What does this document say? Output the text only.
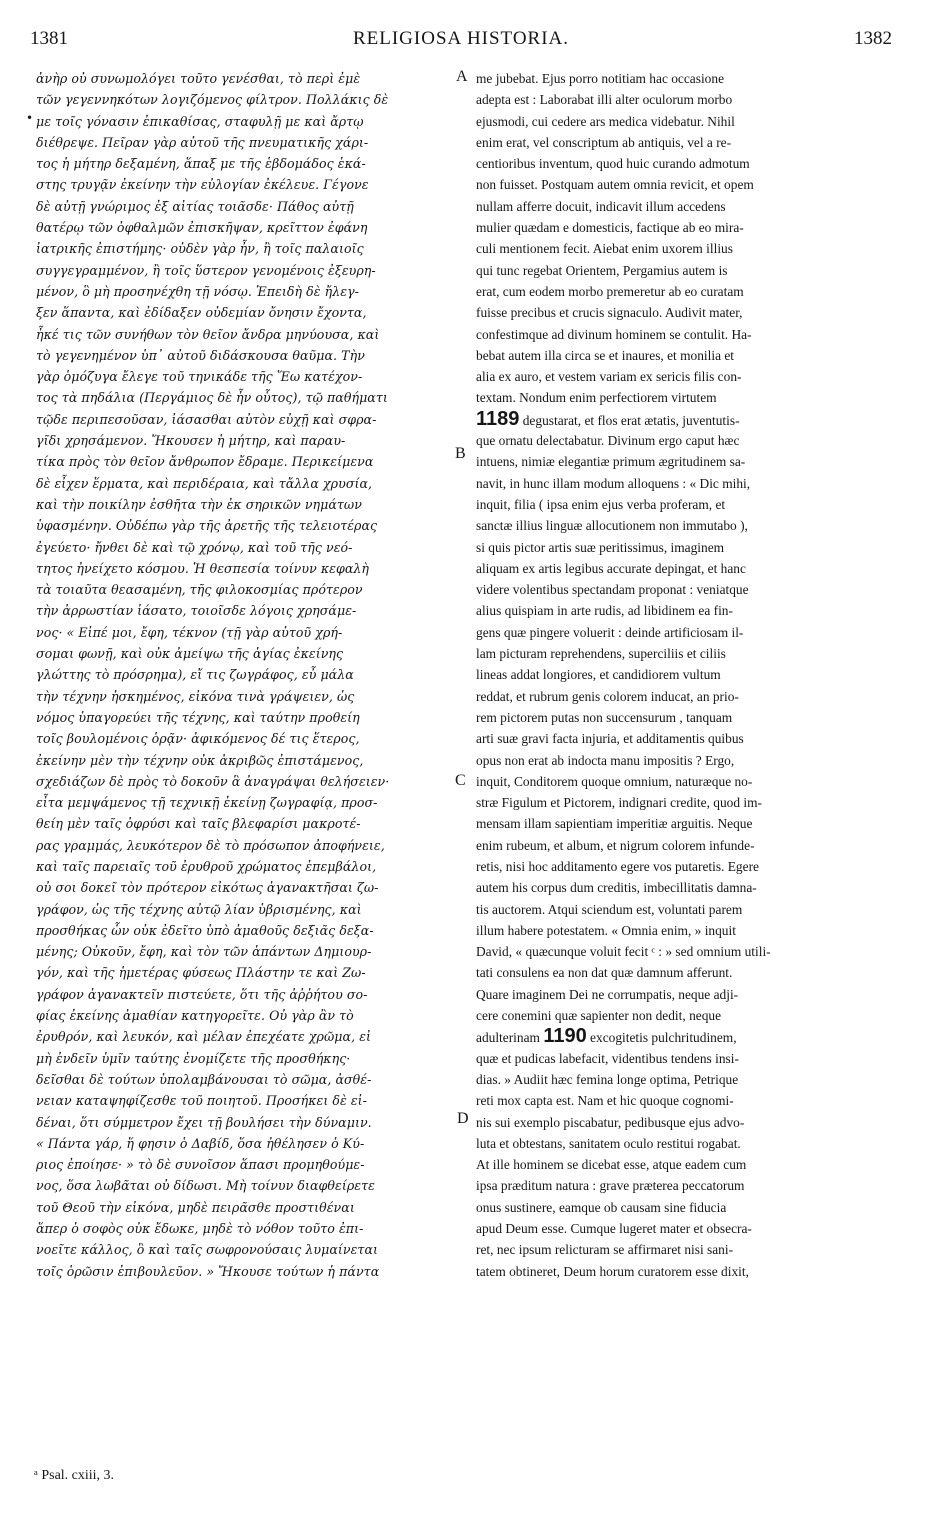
1381	RELIGIOSA HISTORIA.	1382
•
ἀνὴρ οὐ συνωμολόγει τοῦτο γενέσθαι, τὸ περὶ ἐμὲ
τῶν γεγεννηκότων λογιζόμενος φίλτρον. Πολλάκις δὲ
με τοῖς γόνασιν ἐπικαθίσας, σταφυλῇ με καὶ ἄρτῳ
διέθρεψε. Πεῖραν γὰρ αὐτοῦ τῆς πνευματικῆς χάρι-
τος ἡ μήτηρ δεξαμένη, ἅπαξ με τῆς ἑβδομάδος ἑκά-
στης τρυγᾷν ἐκείνην τὴν εὐλογίαν ἐκέλευε. Γέγονε
δὲ αὐτῇ γνώριμος ἐξ αἰτίας τοιᾶσδε· Πάθος αὐτῇ
θατέρῳ τῶν ὀφθαλμῶν ἐπισκῆψαν, κρεῖττον ἐφάνη
ἰατρικῆς ἐπιστήμης· οὐδὲν γὰρ ἦν, ἢ τοῖς παλαιοῖς
συγγεγραμμένον, ἢ τοῖς ὕστερον γενομένοις ἐξευρη-
μένον, ὃ μὴ προσηνέχθη τῇ νόσῳ. Ἐπειδὴ δὲ ἤλεγ-
ξεν ἅπαντα, καὶ ἐδίδαξεν οὐδεμίαν ὄνησιν ἔχοντα,
ἧκέ τις τῶν συνήθων τὸν θεῖον ἄνδρα μηνύουσα, καὶ
τὸ γεγενημένον ὑπ᾽ αὐτοῦ διδάσκουσα θαῦμα. Τὴν
γὰρ ὁμόζυγα ἔλεγε τοῦ τηνικάδε τῆς Ἕω κατέχον-
τος τὰ πηδάλια (Περγάμιος δὲ ἦν οὗτος), τῷ παθήματι
τῷδε περιπεσοῦσαν, ἰάσασθαι αὐτὸν εὐχῇ καὶ σφρα-
γῖδι χρησάμενον. Ἤκουσεν ἡ μήτηρ, καὶ παραυ-
τίκα πρὸς τὸν θεῖον ἄνθρωπον ἔδραμε. Περικείμενα
δὲ εἶχεν ἕρματα, καὶ περιδέραια, καὶ τἄλλα χρυσία,
καὶ τὴν ποικίλην ἐσθῆτα τὴν ἐκ σηρικῶν νημάτων
ὑφασμένην. Οὐδέπω γὰρ τῆς ἀρετῆς τῆς τελειοτέρας
ἐγεύετο· ἤνθει δὲ καὶ τῷ χρόνῳ, καὶ τοῦ τῆς νεό-
τητος ἠνείχετο κόσμου. Ἡ θεσπεσία τοίνυν κεφαλὴ
τὰ τοιαῦτα θεασαμένη, τῆς φιλοκοσμίας πρότερον
τὴν ἀρρωστίαν ἰάσατο, τοιοῖσδε λόγοις χρησάμε-
νος· « Εἰπέ μοι, ἔφη, τέκνον (τῇ γὰρ αὐτοῦ χρή-
σομαι φωνῇ, καὶ οὐκ ἀμείψω τῆς ἁγίας ἐκείνης
γλώττης τὸ πρόσρημα), εἴ τις ζωγράφος, εὖ μάλα
τὴν τέχνην ἠσκημένος, εἰκόνα τινὰ γράψειεν, ὡς
νόμος ὑπαγορεύει τῆς τέχνης, καὶ ταύτην προθείη
τοῖς βουλομένοις ὁρᾷν· ἀφικόμενος δέ τις ἕτερος,
ἐκείνην μὲν τὴν τέχνην οὐκ ἀκριβῶς ἐπιστάμενος,
σχεδιάζων δὲ πρὸς τὸ δοκοῦν ἃ ἀναγράψαι θελήσειεν·
εἶτα μεμψάμενος τῇ τεχνικῇ ἐκείνῃ ζωγραφίᾳ, προσ-
θείη μὲν ταῖς ὀφρύσι καὶ ταῖς βλεφαρίσι μακροτέ-
ρας γραμμάς, λευκότερον δὲ τὸ πρόσωπον ἀποφήνειε,
καὶ ταῖς παρειαῖς τοῦ ἐρυθροῦ χρώματος ἐπεμβάλοι,
οὐ σοι δοκεῖ τὸν πρότερον εἰκότως ἀγανακτῆσαι ζω-
γράφον, ὡς τῆς τέχνης αὐτῷ λίαν ὑβρισμένης, καὶ
προσθήκας ὧν οὐκ ἐδεῖτο ὑπὸ ἀμαθοῦς δεξιᾶς δεξα-
μένης; Οὐκοῦν, ἔφη, καὶ τὸν τῶν ἁπάντων Δημιουρ-
γόν, καὶ τῆς ἡμετέρας φύσεως Πλάστην τε καὶ Ζω-
γράφον ἀγανακτεῖν πιστεύετε, ὅτι τῆς ἀῤῥήτου σο-
φίας ἐκείνης ἀμαθίαν κατηγορεῖτε. Οὐ γὰρ ἂν τὸ
ἐρυθρόν, καὶ λευκόν, καὶ μέλαν ἐπεχέατε χρῶμα, εἰ
μὴ ἐνδεῖν ὑμῖν ταύτης ἐνομίζετε τῆς προσθήκης·
δεῖσθαι δὲ τούτων ὑπολαμβάνουσαι τὸ σῶμα, ἀσθέ-
νειαν καταψηφίζεσθε τοῦ ποιητοῦ. Προσήκει δὲ εἰ-
δέναι, ὅτι σύμμετρον ἔχει τῇ βουλήσει τὴν δύναμιν.
« Πάντα γάρ, ἥ φησιν ὁ Δαβίδ, ὅσα ἠθέλησεν ὁ Κύ-
ριος ἐποίησε· » τὸ δὲ συνοῖσον ἅπασι προμηθούμε-
νος, ὅσα λωβᾶται οὐ δίδωσι. Μὴ τοίνυν διαφθείρετε
τοῦ Θεοῦ τὴν εἰκόνα, μηδὲ πειρᾶσθε προστιθέναι
ἅπερ ὁ σοφὸς οὐκ ἔδωκε, μηδὲ τὸ νόθον τοῦτο ἐπι-
νοεῖτε κάλλος, ὃ καὶ ταῖς σωφρονούσαις λυμαίνεται
τοῖς ὁρῶσιν ἐπιβουλεῦον. » Ἤκουσε τούτων ἡ πάντα
A
B
C
D
me jubebat. Ejus porro notitiam hac occasione
adepta est : Laborabat illi alter oculorum morbo
ejusmodi, cui cedere ars medica videbatur. Nihil
enim erat, vel conscriptum ab antiquis, vel a re-
centioribus inventum, quod huic curando admotum
non fuisset. Postquam autem omnia revicit, et opem
nullam afferre docuit, indicavit illum accedens
mulier quædam e domesticis, factique ab eo mira-
culi mentionem fecit. Aiebat enim uxorem illius
qui tunc regebat Orientem, Pergamius autem is
erat, cum eodem morbo premeretur ab eo curatam
fuisse precibus et crucis signaculo. Audivit mater,
confestimque ad divinum hominem se contulit. Ha-
bebat autem illa circa se et inaures, et monilia et
alia ex auro, et vestem variam ex sericis filis con-
textam. Nondum enim perfectiorem virtutem
1189 degustarat, et flos erat ætatis, juventutis-
que ornatu delectabatur. Divinum ergo caput hæc
intuens, nimiæ elegantiæ primum ægritudinem sa-
navit, in hunc illam modum alloquens : « Dic mihi,
inquit, filia ( ipsa enim ejus verba proferam, et
sanctæ illius linguæ allocutionem non immutabo ),
si quis pictor artis suæ peritissimus, imaginem
aliquam ex artis legibus accurate depingat, et hanc
videre volentibus spectandam proponat : veniatque
alius quispiam in arte rudis, ad libidinem ea fin-
gens quæ pingere voluerit : deinde artificiosam il-
lam picturam reprehendens, superciliis et ciliis
lineas addat longiores, et candidiorem vultum
reddat, et rubrum genis colorem inducat, an prio-
rem pictorem putas non succensurum , tanquam
arti suæ gravi facta injuria, et additamentis quibus
opus non erat ab indocta manu impositis ? Ergo,
inquit, Conditorem quoque omnium, naturæque no-
stræ Figulum et Pictorem, indignari credite, quod im-
mensam illam sapientiam imperitiæ arguitis. Neque
enim rubeum, et album, et nigrum colorem infunde-
retis, nisi hoc additamento egere vos putaretis. Egere
autem his corpus dum creditis, imbecillitatis damna-
tis auctorem. Atqui sciendum est, voluntati parem
illum habere potestatem. « Omnia enim, » inquit
David, « quæcunque voluit fecit ᶜ : » sed omnium utili-
tati consulens ea non dat quæ damnum afferunt.
Quare imaginem Dei ne corrumpatis, neque adji-
cere conemini quæ sapienter non dedit, neque
adulterinam 1190 excogitetis pulchritudinem,
quæ et pudicas labefacit, videntibus tendens insi-
dias. » Audiit hæc femina longe optima, Petrique
reti mox capta est. Nam et hic quoque cognomi-
nis sui exemplo piscabatur, pedibusque ejus advo-
luta et obtestans, sanitatem oculo restitui rogabat.
At ille hominem se dicebat esse, atque eadem cum
ipsa præditum natura : grave præterea peccatorum
onus sustinere, eamque ob causam sine fiducia
apud Deum esse. Cumque lugeret mater et obsecra-
ret, nec ipsum relicturam se affirmaret nisi sani-
tatem obtineret, Deum horum curatorem esse dixit,
ᵃ Psal. cxiii, 3.
